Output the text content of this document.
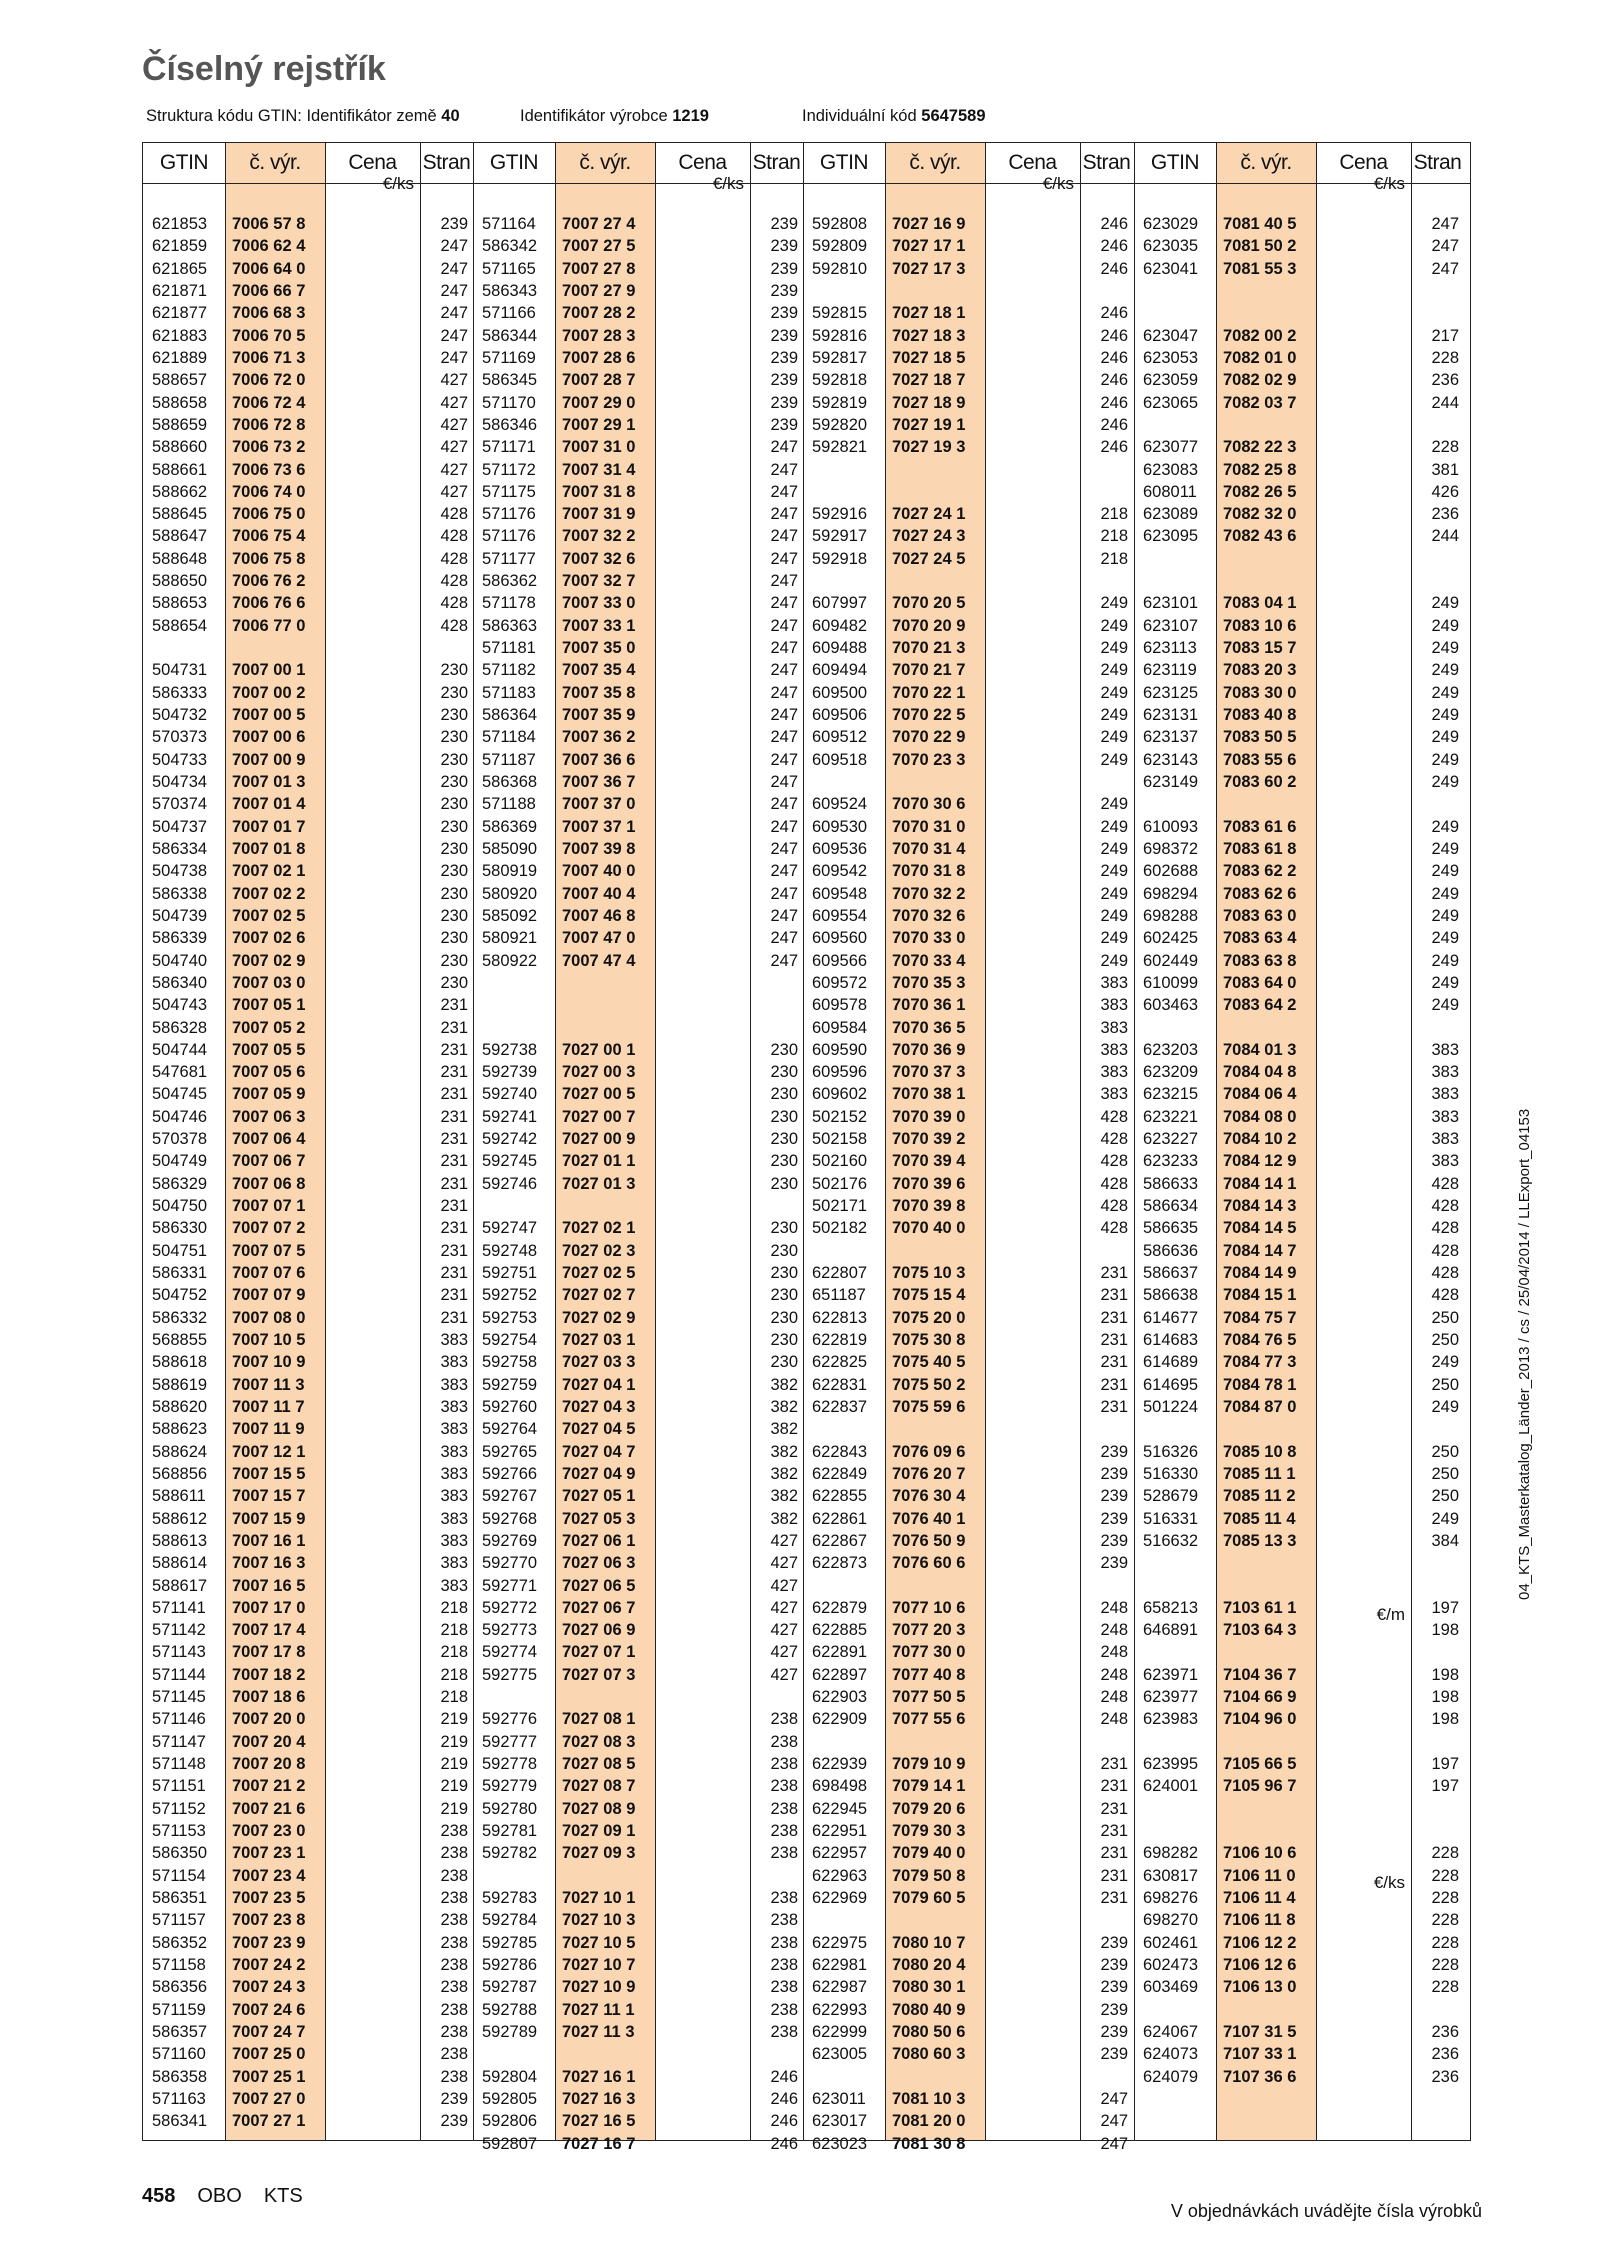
Číselný rejstřík
Struktura kódu GTIN: Identifikátor země 40	Identifikátor výrobce 1219	Individuální kód 5647589
GTIN	č. výr.	Cena	Stran
€/ks
621853 7006 57 8	239
621859 7006 62 4	247
621865 7006 64 0	247
621871 7006 66 7	247
621877 7006 68 3	247
621883 7006 70 5	247
621889 7006 71 3	247
588657 7006 72 0	427
588658 7006 72 4	427
588659 7006 72 8	427
588660 7006 73 2	427
588661 7006 73 6	427
588662 7006 74 0	427
588645 7006 75 0	428
588647 7006 75 4	428
588648 7006 75 8	428
588650 7006 76 2	428
588653 7006 76 6	428
588654 7006 77 0	428
504731 7007 00 1	230
586333 7007 00 2	230
504732 7007 00 5	230
570373 7007 00 6	230
504733 7007 00 9	230
504734 7007 01 3	230
570374 7007 01 4	230
504737 7007 01 7	230
586334 7007 01 8	230
504738 7007 02 1	230
586338 7007 02 2	230
504739 7007 02 5	230
586339 7007 02 6	230
504740 7007 02 9	230
586340 7007 03 0	230
504743 7007 05 1	231
586328 7007 05 2	231
504744 7007 05 5	231
547681 7007 05 6	231
504745 7007 05 9	231
504746 7007 06 3	231
570378 7007 06 4	231
504749 7007 06 7	231
586329 7007 06 8	231
504750 7007 07 1	231
586330 7007 07 2	231
504751 7007 07 5	231
586331 7007 07 6	231
504752 7007 07 9	231
586332 7007 08 0	231
568855 7007 10 5	383
588618 7007 10 9	383
588619 7007 11 3	383
588620 7007 11 7	383
588623 7007 11 9	383
588624 7007 12 1	383
568856 7007 15 5	383
588611 7007 15 7	383
588612 7007 15 9	383
588613 7007 16 1	383
588614 7007 16 3	383
588617 7007 16 5	383
571141 7007 17 0	218
571142 7007 17 4	218
571143 7007 17 8	218
571144 7007 18 2	218
571145 7007 18 6	218
571146 7007 20 0	219
571147 7007 20 4	219
571148 7007 20 8	219
571151 7007 21 2	219
571152 7007 21 6	219
571153 7007 23 0	238
586350 7007 23 1	238
571154 7007 23 4	238
586351 7007 23 5	238
571157 7007 23 8	238
586352 7007 23 9	238
571158 7007 24 2	238
586356 7007 24 3	238
571159 7007 24 6	238
586357 7007 24 7	238
571160 7007 25 0	238
586358 7007 25 1	238
571163 7007 27 0	239
586341 7007 27 1	239
GTIN	č. výr.	Cena	Stran
€/ks
571164 7007 27 4	239
586342 7007 27 5	239
571165 7007 27 8	239
586343 7007 27 9	239
571166 7007 28 2	239
586344 7007 28 3	239
571169 7007 28 6	239
586345 7007 28 7	239
571170 7007 29 0	239
586346 7007 29 1	239
571171 7007 31 0	247
571172 7007 31 4	247
571175 7007 31 8	247
571176 7007 31 9	247
571176 7007 32 2	247
571177 7007 32 6	247
586362 7007 32 7	247
571178 7007 33 0	247
586363 7007 33 1	247
571181 7007 35 0	247
571182 7007 35 4	247
571183 7007 35 8	247
586364 7007 35 9	247
571184 7007 36 2	247
571187 7007 36 6	247
586368 7007 36 7	247
571188 7007 37 0	247
586369 7007 37 1	247
585090 7007 39 8	247
580919 7007 40 0	247
580920 7007 40 4	247
585092 7007 46 8	247
580921 7007 47 0	247
580922 7007 47 4	247
592738 7027 00 1	230
592739 7027 00 3	230
592740 7027 00 5	230
592741 7027 00 7	230
592742 7027 00 9	230
592745 7027 01 1	230
592746 7027 01 3	230
592747 7027 02 1	230
592748 7027 02 3	230
592751 7027 02 5	230
592752 7027 02 7	230
592753 7027 02 9	230
592754 7027 03 1	230
592758 7027 03 3	230
592759 7027 04 1	382
592760 7027 04 3	382
592764 7027 04 5	382
592765 7027 04 7	382
592766 7027 04 9	382
592767 7027 05 1	382
592768 7027 05 3	382
592769 7027 06 1	427
592770 7027 06 3	427
592771 7027 06 5	427
592772 7027 06 7	427
592773 7027 06 9	427
592774 7027 07 1	427
592775 7027 07 3	427
592776 7027 08 1	238
592777 7027 08 3	238
592778 7027 08 5	238
592779 7027 08 7	238
592780 7027 08 9	238
592781 7027 09 1	238
592782 7027 09 3	238
592783 7027 10 1	238
592784 7027 10 3	238
592785 7027 10 5	238
592786 7027 10 7	238
592787 7027 10 9	238
592788 7027 11 1	238
592789 7027 11 3	238
592804 7027 16 1	246
592805 7027 16 3	246
592806 7027 16 5	246
592807 7027 16 7	246
GTIN	č. výr.	Cena	Stran
€/ks
592808 7027 16 9	246
592809 7027 17 1	246
592810 7027 17 3	246
592815 7027 18 1	246
592816 7027 18 3	246
592817 7027 18 5	246
592818 7027 18 7	246
592819 7027 18 9	246
592820 7027 19 1	246
592821 7027 19 3	246
592916 7027 24 1	218
592917 7027 24 3	218
592918 7027 24 5	218
607997 7070 20 5	249
609482 7070 20 9	249
609488 7070 21 3	249
609494 7070 21 7	249
609500 7070 22 1	249
609506 7070 22 5	249
609512 7070 22 9	249
609518 7070 23 3	249
609524 7070 30 6	249
609530 7070 31 0	249
609536 7070 31 4	249
609542 7070 31 8	249
609548 7070 32 2	249
609554 7070 32 6	249
609560 7070 33 0	249
609566 7070 33 4	249
609572 7070 35 3	383
609578 7070 36 1	383
609584 7070 36 5	383
609590 7070 36 9	383
609596 7070 37 3	383
609602 7070 38 1	383
502152 7070 39 0	428
502158 7070 39 2	428
502160 7070 39 4	428
502176 7070 39 6	428
502171 7070 39 8	428
502182 7070 40 0	428
622807 7075 10 3	231
651187 7075 15 4	231
622813 7075 20 0	231
622819 7075 30 8	231
622825 7075 40 5	231
622831 7075 50 2	231
622837 7075 59 6	231
622843 7076 09 6	239
622849 7076 20 7	239
622855 7076 30 4	239
622861 7076 40 1	239
622867 7076 50 9	239
622873 7076 60 6	239
622879 7077 10 6	248
622885 7077 20 3	248
622891 7077 30 0	248
622897 7077 40 8	248
622903 7077 50 5	248
622909 7077 55 6	248
622939 7079 10 9	231
698498 7079 14 1	231
622945 7079 20 6	231
622951 7079 30 3	231
622957 7079 40 0	231
622963 7079 50 8	231
622969 7079 60 5	231
622975 7080 10 7	239
622981 7080 20 4	239
622987 7080 30 1	239
622993 7080 40 9	239
622999 7080 50 6	239
623005 7080 60 3	239
623011 7081 10 3	247
623017 7081 20 0	247
623023 7081 30 8	247
GTIN	č. výr.	Cena	Stran
€/ks
€/m
€/ks
623029 7081 40 5	247
623035 7081 50 2	247
623041 7081 55 3	247
623047 7082 00 2	217
623053 7082 01 0	228
623059 7082 02 9	236
623065 7082 03 7	244
623077 7082 22 3	228
623083 7082 25 8	381
608011 7082 26 5	426
623089 7082 32 0	236
623095 7082 43 6	244
623101 7083 04 1	249
623107 7083 10 6	249
623113 7083 15 7	249
623119 7083 20 3	249
623125 7083 30 0	249
623131 7083 40 8	249
623137 7083 50 5	249
623143 7083 55 6	249
623149 7083 60 2	249
610093 7083 61 6	249
698372 7083 61 8	249
602688 7083 62 2	249
698294 7083 62 6	249
698288 7083 63 0	249
602425 7083 63 4	249
602449 7083 63 8	249
610099 7083 64 0	249
603463 7083 64 2	249
623203 7084 01 3	383
623209 7084 04 8	383
623215 7084 06 4	383
623221 7084 08 0	383
623227 7084 10 2	383
623233 7084 12 9	383
586633 7084 14 1	428
586634 7084 14 3	428
586635 7084 14 5	428
586636 7084 14 7	428
586637 7084 14 9	428
586638 7084 15 1	428
614677 7084 75 7	250
614683 7084 76 5	250
614689 7084 77 3	249
614695 7084 78 1	250
501224 7084 87 0	249
516326 7085 10 8	250
516330 7085 11 1	250
528679 7085 11 2	250
516331 7085 11 4	249
516632 7085 13 3	384
658213 7103 61 1	197
646891 7103 64 3	198
623971 7104 36 7	198
623977 7104 66 9	198
623983 7104 96 0	198
623995 7105 66 5	197
624001 7105 96 7	197
698282 7106 10 6	228
630817 7106 11 0	228
698276 7106 11 4	228
698270 7106 11 8	228
602461 7106 12 2	228
602473 7106 12 6	228
603469 7106 13 0	228
624067 7107 31 5	236
624073 7107 33 1	236
624079 7107 36 6	236
458 OBO KTS
V objednávkách uvádějte čísla výrobků
04_KTS_Masterkatalog_Länder_2013 / cs / 25/04/2014 / LLExport_04153
